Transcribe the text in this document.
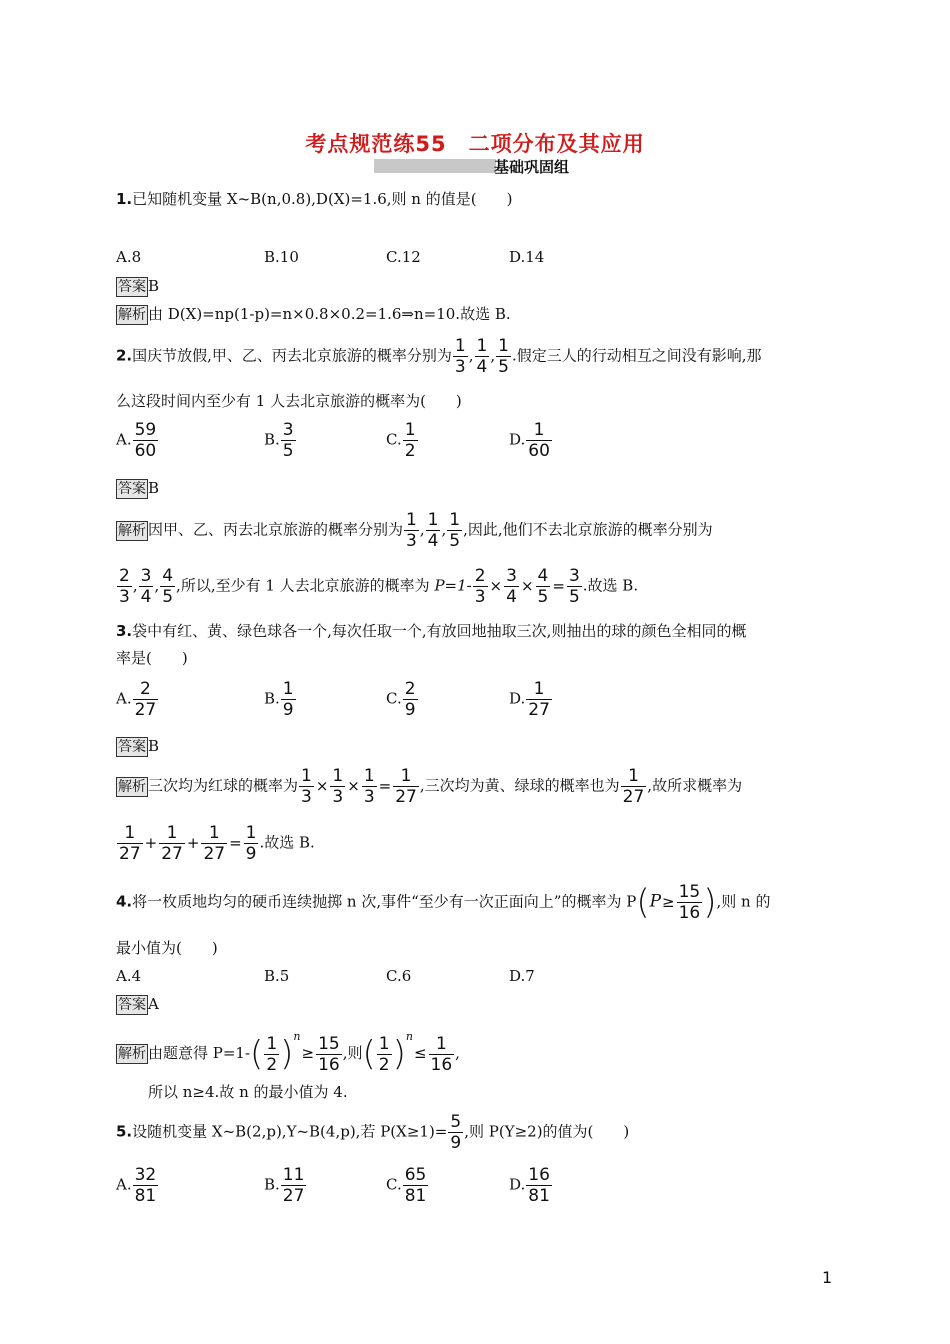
考点规范练55　二项分布及其应用
基础巩固组
1.已知随机变量 X~B(n,0.8),D(X)=1.6,则 n 的值是(　　)
A.8	B.10	C.12	D.14
答案 B
解析 由 D(X)=np(1-p)=n×0.8×0.2=1.6⇒n=10.故选 B.
2.国庆节放假,甲、乙、丙去北京旅游的概率分别为 $\frac{1}{3}$ , $\frac{1}{4}$ , $\frac{1}{5}$ .假定三人的行动相互之间没有影响,那
么这段时间内至少有 1 人去北京旅游的概率为(　　)
A. $\frac{59}{60}$	B. $\frac{3}{5}$	C. $\frac{1}{2}$	D. $\frac{1}{60}$
答案 B
解析 因甲、乙、丙去北京旅游的概率分别为 $\frac{1}{3}$ , $\frac{1}{4}$ , $\frac{1}{5}$ ,因此,他们不去北京旅游的概率分别为
$\frac{2}{3}$ , $\frac{3}{4}$ , $\frac{4}{5}$ ,所以,至少有 1 人去北京旅游的概率为 $P=1- \frac{2}{3} \times \frac{3}{4} \times \frac{4}{5} = \frac{3}{5}$ .故选 B.
3.袋中有红、黄、绿色球各一个,每次任取一个,有放回地抽取三次,则抽出的球的颜色全相同的概
率是(　　)
A. $\frac{2}{27}$	B. $\frac{1}{9}$	C. $\frac{2}{9}$	D. $\frac{1}{27}$
答案 B
解析 三次均为红球的概率为 $\frac{1}{3} \times \frac{1}{3} \times \frac{1}{3} = \frac{1}{27}$ ,三次均为黄、绿球的概率也为 $\frac{1}{27}$ ,故所求概率为
$\frac{1}{27} + \frac{1}{27} + \frac{1}{27} = \frac{1}{9}$ .故选 B.
4.将一枚质地均匀的硬币连续抛掷 n 次,事件“至少有一次正面向上”的概率为 $P(P\ge \frac{15}{16}$ ),则 n 的
最小值为(　　)
A.4	B.5	C.6	D.7
答案 A
解析 由题意得 $P=1-( \frac{1}{2} )^n\ge \frac{15}{16}$ ,则( $\frac{1}{2} )^n\le \frac{1}{16}$ ,
所以 n≥4.故 n 的最小值为 4.
5.设随机变量 X~B(2,p),Y~B(4,p),若 $P(X\ge 1)= \frac{5}{9}$ ,则 P(Y≥2)的值为(　　)
A. $\frac{32}{81}$	B. $\frac{11}{27}$	C. $\frac{65}{81}$	D. $\frac{16}{81}$
1
